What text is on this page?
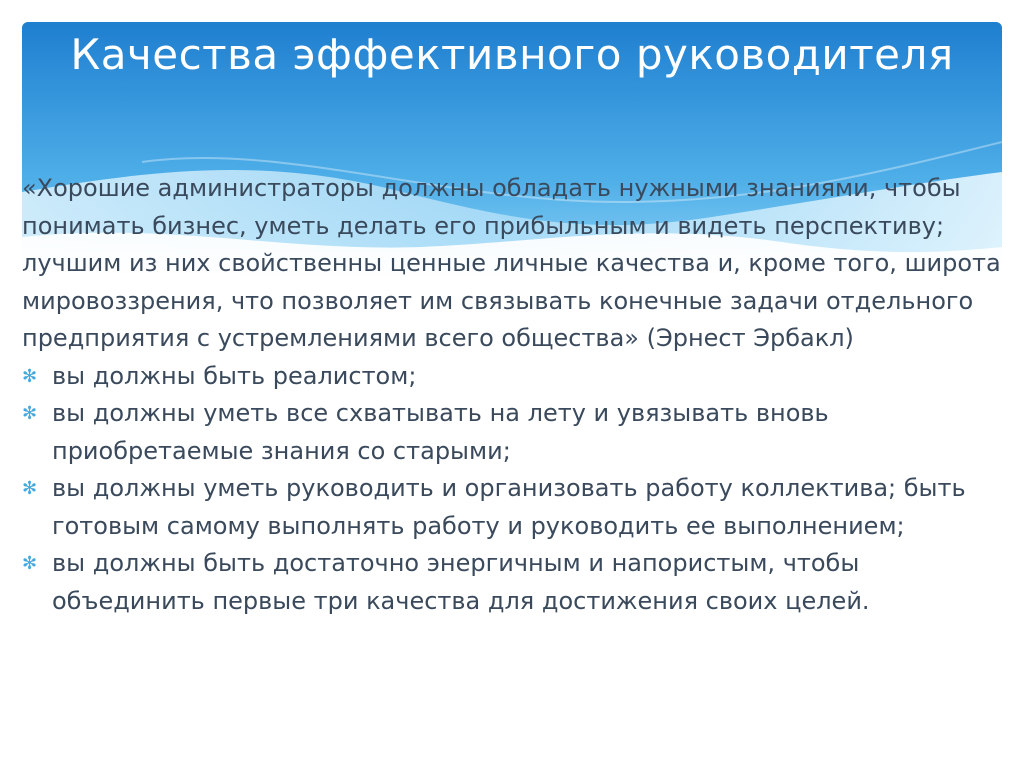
Качества эффективного руководителя

«Хорошие администраторы должны обладать нужными знаниями, чтобы понимать бизнес, уметь делать его прибыльным и видеть перспективу; лучшим из них свойственны ценные личные качества и, кроме того, широта мировоззрения, что позволяет им связывать конечные задачи отдельного предприятия с устремлениями всего общества» (Эрнест Эрбакл)

✻ вы должны быть реалистом;
✻ вы должны уметь все схватывать на лету и увязывать вновь приобретаемые знания со старыми;
✻ вы должны уметь руководить и организовать работу коллектива; быть готовым самому выполнять работу и руководить ее выполнением;
✻ вы должны быть достаточно энергичным и напористым, чтобы объединить первые три качества для достижения своих целей.
